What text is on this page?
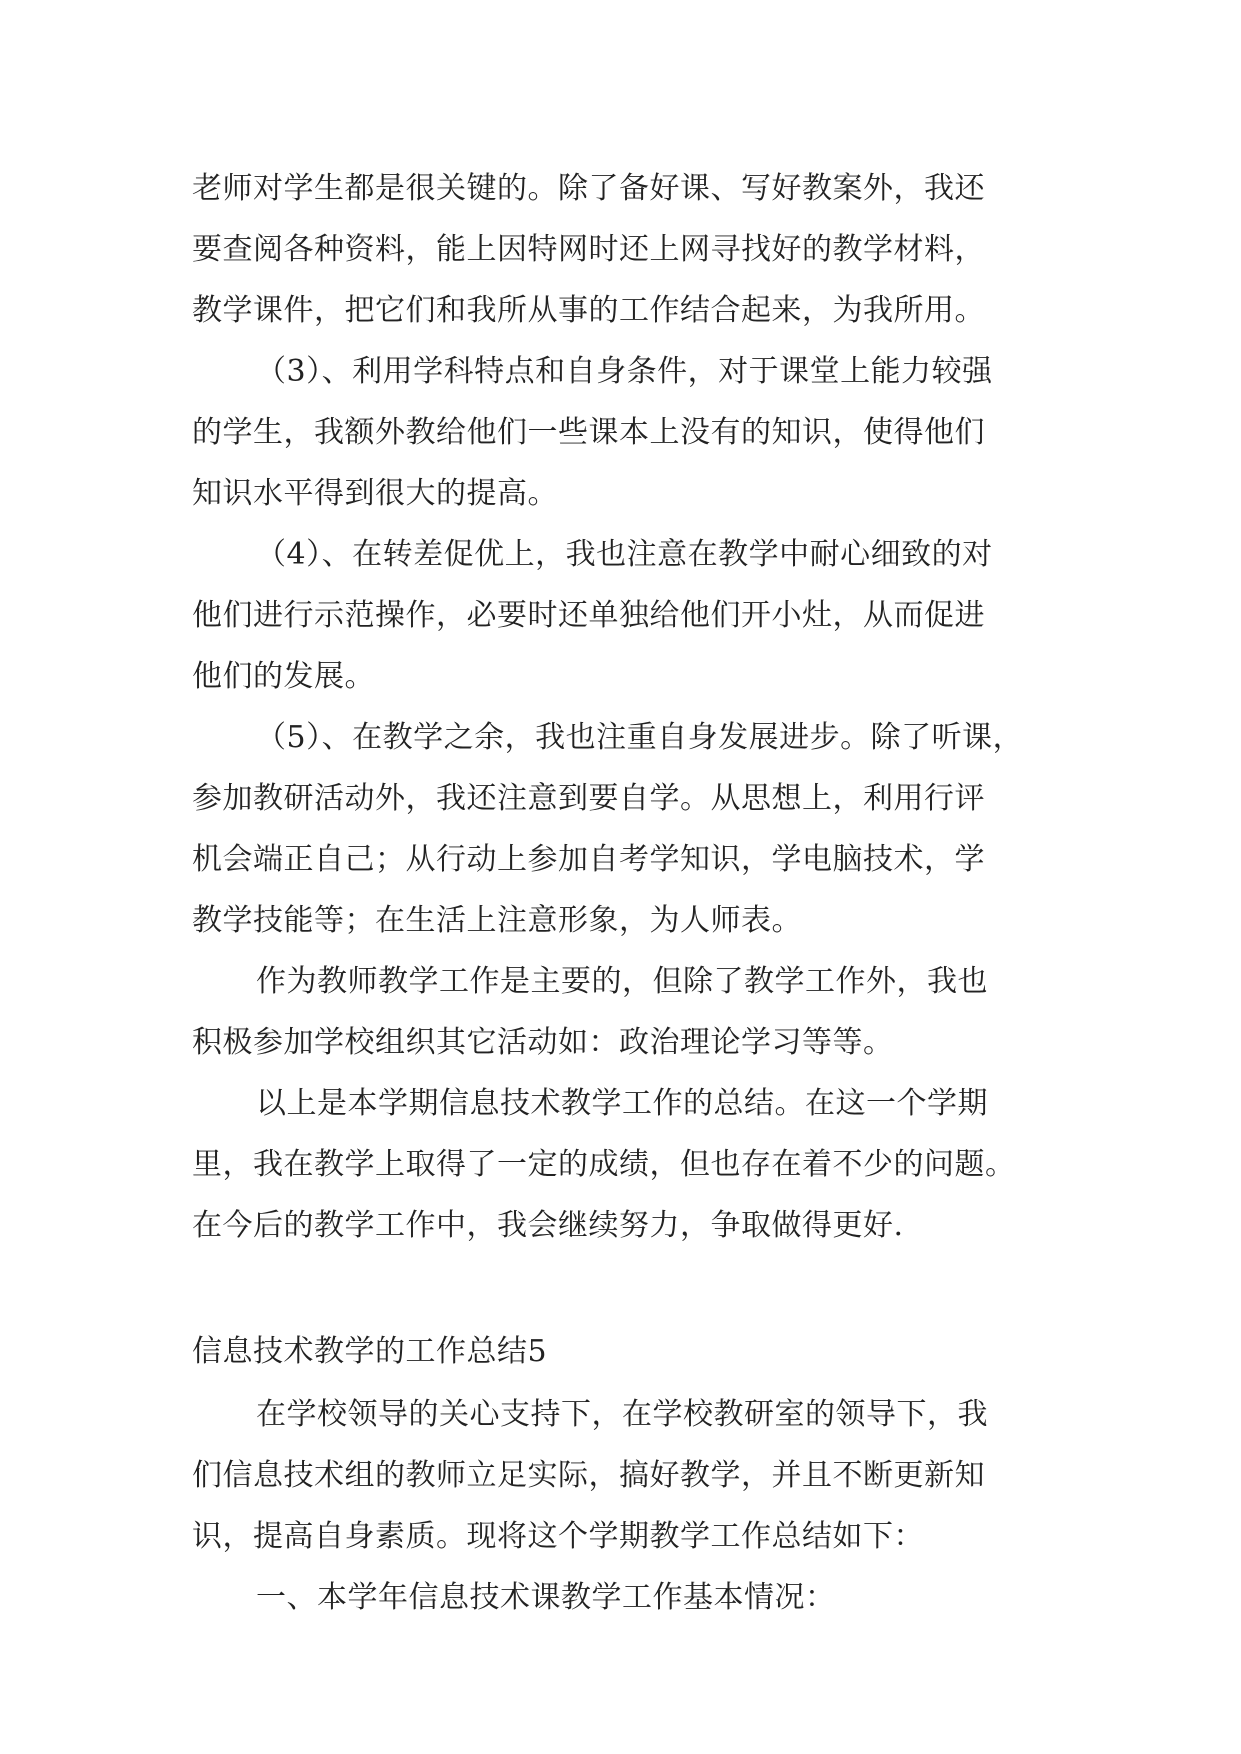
老师对学生都是很关键的。除了备好课、写好教案外，我还
要查阅各种资料，能上因特网时还上网寻找好的教学材料，
教学课件，把它们和我所从事的工作结合起来，为我所用。
（3）、利用学科特点和自身条件，对于课堂上能力较强
的学生，我额外教给他们一些课本上没有的知识，使得他们
知识水平得到很大的提高。
（4）、在转差促优上，我也注意在教学中耐心细致的对
他们进行示范操作，必要时还单独给他们开小灶，从而促进
他们的发展。
（5）、在教学之余，我也注重自身发展进步。除了听课，
参加教研活动外，我还注意到要自学。从思想上，利用行评
机会端正自己；从行动上参加自考学知识，学电脑技术，学
教学技能等；在生活上注意形象，为人师表。
作为教师教学工作是主要的，但除了教学工作外，我也
积极参加学校组织其它活动如：政治理论学习等等。
以上是本学期信息技术教学工作的总结。在这一个学期
里，我在教学上取得了一定的成绩，但也存在着不少的问题。
在今后的教学工作中，我会继续努力，争取做得更好.
信息技术教学的工作总结5
在学校领导的关心支持下，在学校教研室的领导下，我
们信息技术组的教师立足实际，搞好教学，并且不断更新知
识，提高自身素质。现将这个学期教学工作总结如下：
一、本学年信息技术课教学工作基本情况：
